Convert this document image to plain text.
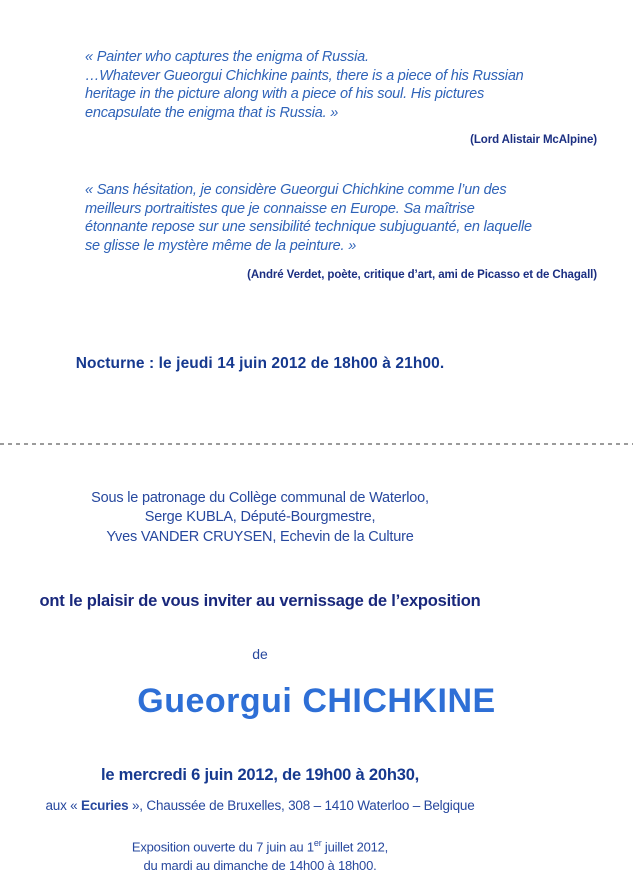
« Painter who captures the enigma of Russia.
…Whatever Gueorgui Chichkine paints, there is a piece of his Russian
heritage in the picture along with a piece of his soul. His pictures
encapsulate the enigma that is Russia. »
(Lord Alistair McAlpine)
« Sans hésitation, je considère Gueorgui Chichkine comme l’un des
meilleurs portraitistes que je connaisse en Europe. Sa maîtrise
étonnante repose sur une sensibilité technique subjuguanté, en laquelle
se glisse le mystère même de la peinture. »
(André Verdet, poète, critique d’art, ami de Picasso et de Chagall)
Nocturne : le jeudi 14 juin 2012 de 18h00 à 21h00.
Sous le patronage du Collège communal de Waterloo,
Serge KUBLA, Député-Bourgmestre,
Yves VANDER CRUYSEN, Echevin de la Culture
ont le plaisir de vous inviter au vernissage de l’exposition
de
Gueorgui CHICHKINE
le mercredi 6 juin 2012, de 19h00 à 20h30,
aux « Ecuries », Chaussée de Bruxelles, 308 – 1410 Waterloo – Belgique
Exposition ouverte du 7 juin au 1er juillet 2012,
du mardi au dimanche de 14h00 à 18h00.
